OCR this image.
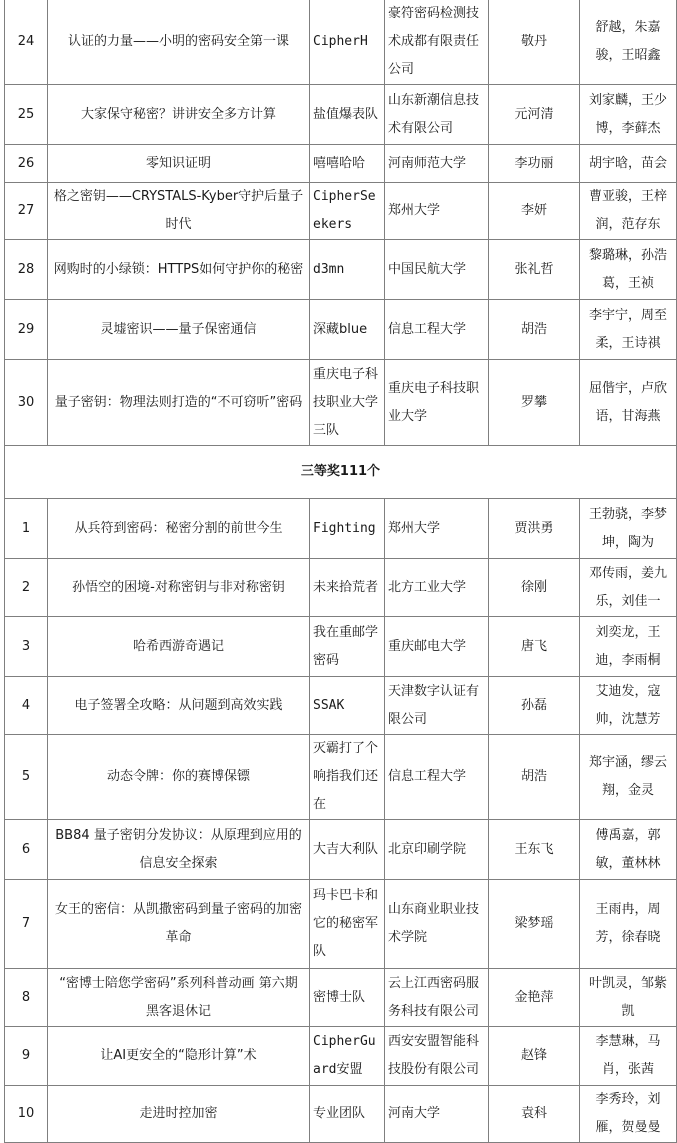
24	认证的力量——小明的密码安全第一课	CipherH	豪符密码检测技术成都有限责任公司	敬丹	舒越，朱嘉骏，王昭鑫
25	大家保守秘密？讲讲安全多方计算	盐值爆表队	山东新潮信息技术有限公司	元河清	刘家麟，王少博，李藓杰
26	零知识证明	嘻嘻哈哈	河南师范大学	李功丽	胡宇晗，苗会
27	格之密钥——CRYSTALS-Kyber守护后量子时代	CipherSeekers	郑州大学	李妍	曹亚骏，王梓润，范存东
28	网购时的小绿锁：HTTPS如何守护你的秘密	d3mn	中国民航大学	张礼哲	黎璐琳，孙浩葛，王祯
29	灵墟密识——量子保密通信	深藏blue	信息工程大学	胡浩	李宇宁，周至柔，王诗祺
30	量子密钥：物理法则打造的“不可窃听”密码	重庆电子科技职业大学三队	重庆电子科技职业大学	罗攀	屈偕宇，卢欣语，甘海燕
三等奖111个					
1	从兵符到密码：秘密分割的前世今生	Fighting	郑州大学	贾洪勇	王勃骁，李梦坤，陶为
2	孙悟空的困境-对称密钥与非对称密钥	未来拾荒者	北方工业大学	徐刚	邓传雨，姜九乐，刘佳一
3	哈希西游奇遇记	我在重邮学密码	重庆邮电大学	唐飞	刘奕龙，王迪，李雨桐
4	电子签署全攻略：从问题到高效实践	SSAK	天津数字认证有限公司	孙磊	艾迪发，寇帅，沈慧芳
5	动态令牌：你的赛博保镖	灭霸打了个响指我们还在	信息工程大学	胡浩	郑宇涵，缪云翔，金灵
6	BB84 量子密钥分发协议：从原理到应用的信息安全探索	大吉大利队	北京印刷学院	王东飞	傅禹嘉，郭敏，董林林
7	女王的密信：从凯撒密码到量子密码的加密革命	玛卡巴卡和它的秘密军队	山东商业职业技术学院	梁梦瑶	王雨冉，周芳，徐春晓
8	“密博士陪您学密码”系列科普动画 第六期 黑客退休记	密博士队	云上江西密码服务科技有限公司	金艳萍	叶凯灵，邹紫凯
9	让AI更安全的“隐形计算”术	CipherGuard安盟	西安安盟智能科技股份有限公司	赵锋	李慧琳，马肖，张茜
10	走进时控加密	专业团队	河南大学	袁科	李秀玲，刘雁，贺曼曼
